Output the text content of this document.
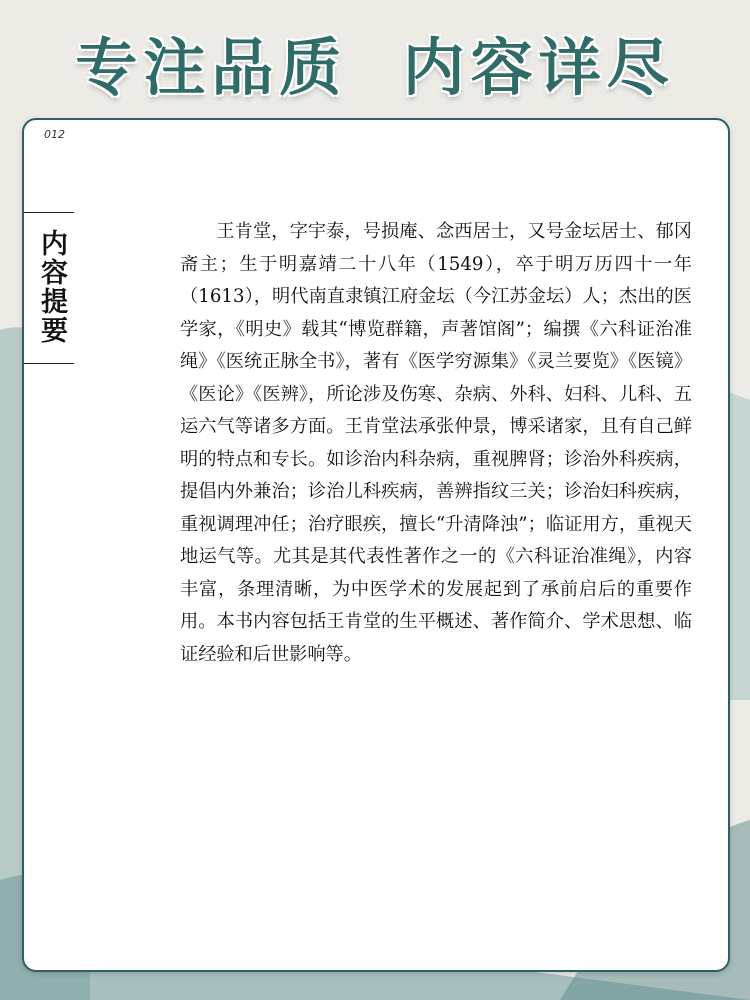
专注品质  内容详尽
012
内容提要	王肯堂，字宇泰，号损庵、念西居士，又号金坛居士、郁冈斋主；生于明嘉靖二十八年（1549），卒于明万历四十一年（1613），明代南直隶镇江府金坛（今江苏金坛）人；杰出的医学家，《明史》载其“博览群籍，声著馆阁”；编撰《六科证治准绳》《医统正脉全书》，著有《医学穷源集》《灵兰要览》《医镜》《医论》《医辨》，所论涉及伤寒、杂病、外科、妇科、儿科、五运六气等诸多方面。王肯堂法承张仲景，博采诸家，且有自己鲜明的特点和专长。如诊治内科杂病，重视脾肾；诊治外科疾病，提倡内外兼治；诊治儿科疾病，善辨指纹三关；诊治妇科疾病，重视调理冲任；治疗眼疾，擅长“升清降浊”；临证用方，重视天地运气等。尤其是其代表性著作之一的《六科证治准绳》，内容丰富，条理清晰，为中医学术的发展起到了承前启后的重要作用。本书内容包括王肯堂的生平概述、著作简介、学术思想、临证经验和后世影响等。
